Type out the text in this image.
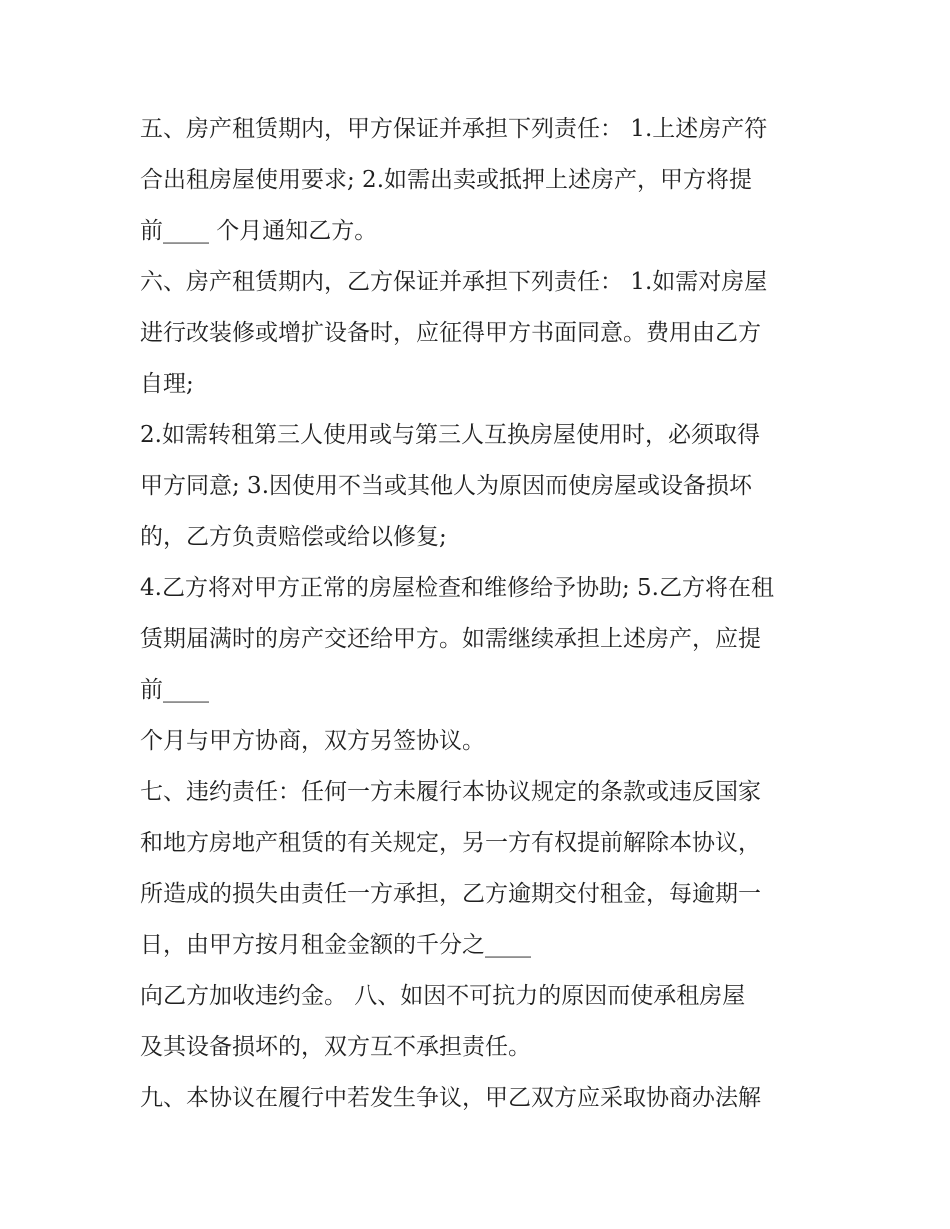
五、房产租赁期内，甲方保证并承担下列责任： 1.上述房产符
合出租房屋使用要求; 2.如需出卖或抵押上述房产，甲方将提
前____ 个月通知乙方。
六、房产租赁期内，乙方保证并承担下列责任： 1.如需对房屋
进行改装修或增扩设备时，应征得甲方书面同意。费用由乙方
自理;
2.如需转租第三人使用或与第三人互换房屋使用时，必须取得
甲方同意; 3.因使用不当或其他人为原因而使房屋或设备损坏
的，乙方负责赔偿或给以修复;
4.乙方将对甲方正常的房屋检查和维修给予协助; 5.乙方将在租
赁期届满时的房产交还给甲方。如需继续承担上述房产，应提
前____
个月与甲方协商，双方另签协议。
七、违约责任：任何一方未履行本协议规定的条款或违反国家
和地方房地产租赁的有关规定，另一方有权提前解除本协议，
所造成的损失由责任一方承担，乙方逾期交付租金，每逾期一
日，由甲方按月租金金额的千分之____
向乙方加收违约金。 八、如因不可抗力的原因而使承租房屋
及其设备损坏的，双方互不承担责任。
九、本协议在履行中若发生争议，甲乙双方应采取协商办法解
